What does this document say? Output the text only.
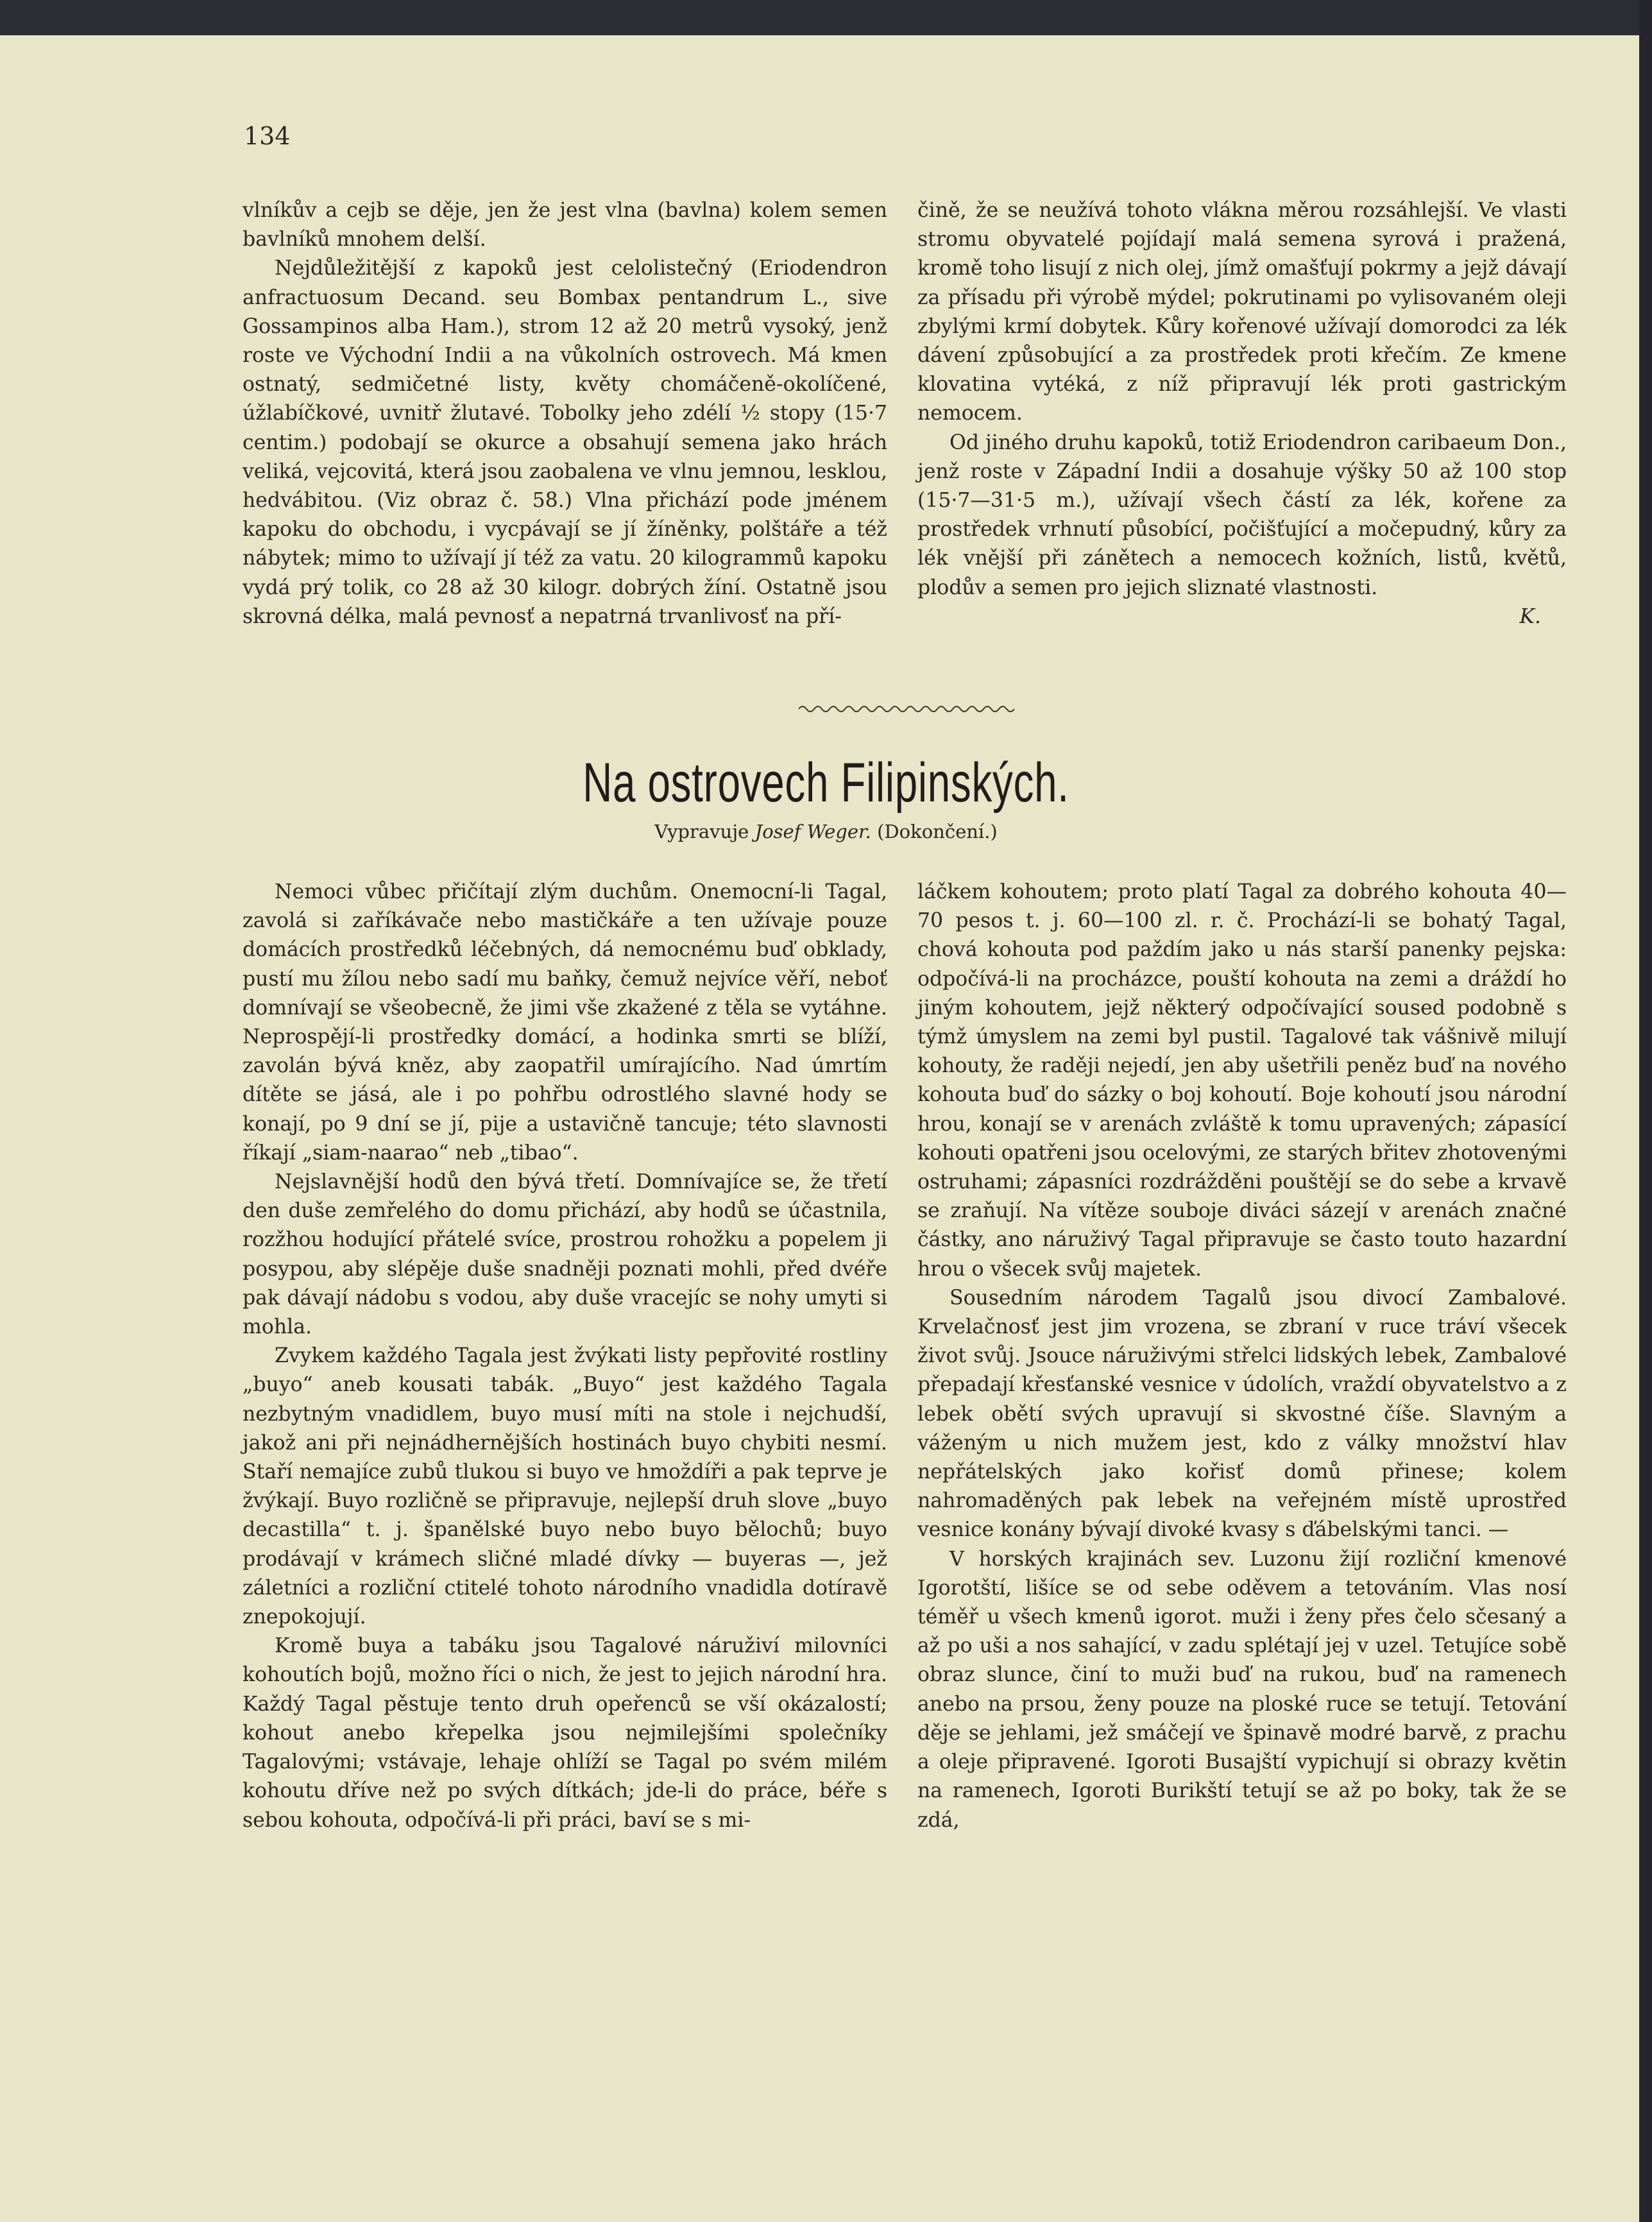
134

vlníkův a cejb se děje, jen že jest vlna (bavlna) kolem semen bavlníků mnohem delší.

Nejdůležitější z kapoků jest celolistečný (Eriodendron anfractuosum Decand. seu Bombax pentandrum L., sive Gossampinos alba Ham.), strom 12 až 20 metrů vysoký, jenž roste ve Východní Indii a na vůkolních ostrovech. Má kmen ostnatý, sedmičetné listy, květy chomáčeně-okolíčené, úžlabíčkové, uvnitř žlutavé. Tobolky jeho zdélí ½ stopy (15·7 centim.) podobají se okurce a obsahují semena jako hrách veliká, vejcovitá, která jsou zaobalena ve vlnu jemnou, lesklou, hedvábitou. (Viz obraz č. 58.) Vlna přichází pode jménem kapoku do obchodu, i vycpávají se jí žíněnky, polštáře a též nábytek; mimo to užívají jí též za vatu. 20 kilogrammů kapoku vydá prý tolik, co 28 až 30 kilogr. dobrých žíní. Ostatně jsou skrovná délka, malá pevnosť a nepatrná trvanlivosť na pří-

čině, že se neužívá tohoto vlákna měrou rozsáhlejší. Ve vlasti stromu obyvatelé pojídají malá semena syrová i pražená, kromě toho lisují z nich olej, jímž omašťují pokrmy a jejž dávají za přísadu při výrobě mýdel; pokrutinami po vylisovaném oleji zbylými krmí dobytek. Kůry kořenové užívají domorodci za lék dávení způsobující a za prostředek proti křečím. Ze kmene klovatina vytéká, z níž připravují lék proti gastrickým nemocem.

Od jiného druhu kapoků, totiž Eriodendron caribaeum Don., jenž roste v Západní Indii a dosahuje výšky 50 až 100 stop (15·7—31·5 m.), užívají všech částí za lék, kořene za prostředek vrhnutí působící, počišťující a močepudný, kůry za lék vnější při zánětech a nemocech kožních, listů, květů, plodův a semen pro jejich sliznaté vlastnosti.

K.

Na ostrovech Filipinských.
Vypravuje Josef Weger. (Dokončení.)

Nemoci vůbec přičítají zlým duchům. Onemocní-li Tagal, zavolá si zaříkávače nebo mastičkáře a ten užívaje pouze domácích prostředků léčebných, dá nemocnému buď obklady, pustí mu žílou nebo sadí mu baňky, čemuž nejvíce věří, neboť domnívají se všeobecně, že jimi vše zkažené z těla se vytáhne. Neprospějí-li prostředky domácí, a hodinka smrti se blíží, zavolán bývá kněz, aby zaopatřil umírajícího. Nad úmrtím dítěte se jásá, ale i po pohřbu odrostlého slavné hody se konají, po 9 dní se jí, pije a ustavičně tancuje; této slavnosti říkají „siam-naarao“ neb „tibao“.

Nejslavnější hodů den bývá třetí. Domnívajíce se, že třetí den duše zemřelého do domu přichází, aby hodů se účastnila, rozžhou hodující přátelé svíce, prostrou rohožku a popelem ji posypou, aby slépěje duše snadněji poznati mohli, před dvéře pak dávají nádobu s vodou, aby duše vracejíc se nohy umyti si mohla.

Zvykem každého Tagala jest žvýkati listy pepřovité rostliny „buyo“ aneb kousati tabák. „Buyo“ jest každého Tagala nezbytným vnadidlem, buyo musí míti na stole i nejchudší, jakož ani při nejnádhernějších hostinách buyo chybiti nesmí. Staří nemajíce zubů tlukou si buyo ve hmoždíři a pak teprve je žvýkají. Buyo rozličně se připravuje, nejlepší druh slove „buyo decastilla“ t. j. španělské buyo nebo buyo bělochů; buyo prodávají v krámech sličné mladé dívky — buyeras —, jež záletníci a rozliční ctitelé tohoto národního vnadidla dotíravě znepokojují.

Kromě buya a tabáku jsou Tagalové náruživí milovníci kohoutích bojů, možno říci o nich, že jest to jejich národní hra. Každý Tagal pěstuje tento druh opeřenců se vší okázalostí; kohout anebo křepelka jsou nejmilejšími společníky Tagalovými; vstávaje, lehaje ohlíží se Tagal po svém milém kohoutu dříve než po svých dítkách; jde-li do práce, béře s sebou kohouta, odpočívá-li při práci, baví se s mi-

láčkem kohoutem; proto platí Tagal za dobrého kohouta 40—70 pesos t. j. 60—100 zl. r. č. Prochází-li se bohatý Tagal, chová kohouta pod paždím jako u nás starší panenky pejska: odpočívá-li na procházce, pouští kohouta na zemi a dráždí ho jiným kohoutem, jejž některý odpočívající soused podobně s týmž úmyslem na zemi byl pustil. Tagalové tak vášnivě milují kohouty, že raději nejedí, jen aby ušetřili peněz buď na nového kohouta buď do sázky o boj kohoutí. Boje kohoutí jsou národní hrou, konají se v arenách zvláště k tomu upravených; zápasící kohouti opatřeni jsou ocelovými, ze starých břitev zhotovenými ostruhami; zápasníci rozdrážděni pouštějí se do sebe a krvavě se zraňují. Na vítěze souboje diváci sázejí v arenách značné částky, ano náruživý Tagal připravuje se často touto hazardní hrou o všecek svůj majetek.

Sousedním národem Tagalů jsou divocí Zambalové. Krvelačnosť jest jim vrozena, se zbraní v ruce tráví všecek život svůj. Jsouce náruživými střelci lidských lebek, Zambalové přepadají křesťanské vesnice v údolích, vraždí obyvatelstvo a z lebek obětí svých upravují si skvostné číše. Slavným a váženým u nich mužem jest, kdo z války množství hlav nepřátelských jako kořisť domů přinese; kolem nahromaděných pak lebek na veřejném místě uprostřed vesnice konány bývají divoké kvasy s ďábelskými tanci. —

V horských krajinách sev. Luzonu žijí rozliční kmenové Igorotští, lišíce se od sebe oděvem a tetováním. Vlas nosí téměř u všech kmenů igorot. muži i ženy přes čelo sčesaný a až po uši a nos sahající, v zadu splétají jej v uzel. Tetujíce sobě obraz slunce, činí to muži buď na rukou, buď na ramenech anebo na prsou, ženy pouze na ploské ruce se tetují. Tetování děje se jehlami, jež smáčejí ve špinavě modré barvě, z prachu a oleje připravené. Igoroti Busajští vypichují si obrazy květin na ramenech, Igoroti Burikští tetují se až po boky, tak že se zdá,
